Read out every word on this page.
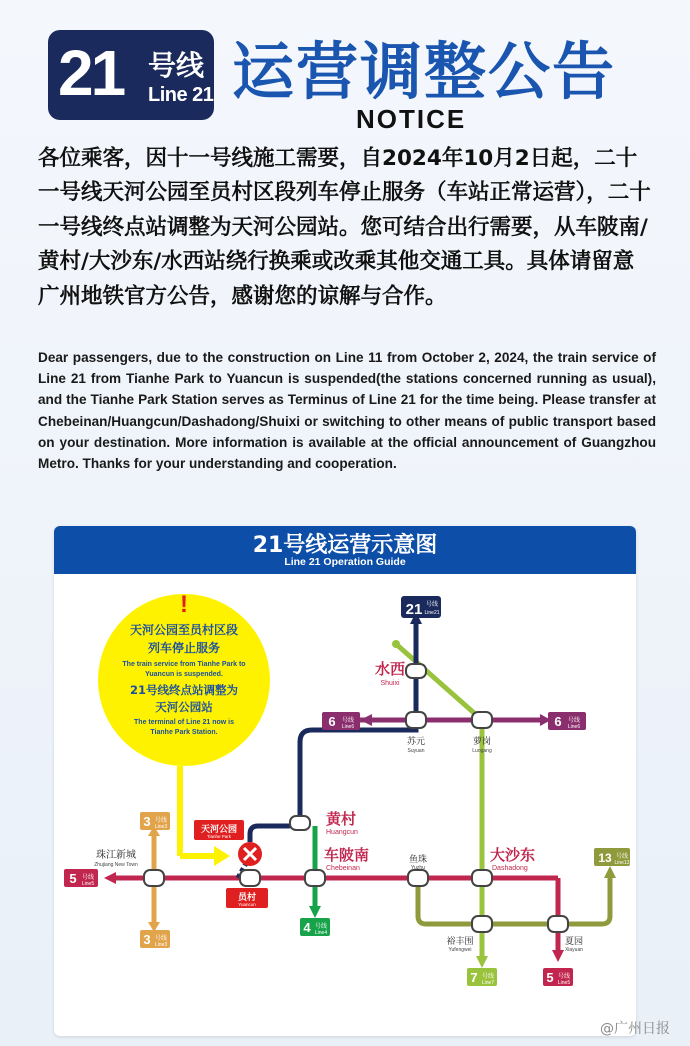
21 号线
Line 21 运营调整公告
NOTICE
各位乘客，因十一号线施工需要，自2024年10月2日起，二十一号线天河公园至员村区段列车停止服务（车站正常运营），二十一号线终点站调整为天河公园站。您可结合出行需要，从车陂南/黄村/大沙东/水西站绕行换乘或改乘其他交通工具。具体请留意广州地铁官方公告，感谢您的谅解与合作。
Dear passengers, due to the construction on Line 11 from October 2, 2024, the train service of Line 21 from Tianhe Park to Yuancun is suspended(the stations concerned running as usual), and the Tianhe Park Station serves as Terminus of Line 21 for the time being. Please transfer at Chebeinan/Huangcun/Dashadong/Shuixi or switching to other means of public transport based on your destination. More information is available at the official announcement of Guangzhou Metro. Thanks for your understanding and cooperation.
21号线运营示意图
Line 21 Operation Guide
!
天河公园至员村区段
列车停止服务
The train service from Tianhe Park to
Yuancun is suspended.
21号线终点站调整为
天河公园站
The terminal of Line 21 now is
Tianhe Park Station.
21 号线
Line21
6 号线
Line6	6 号线
Line6
3 号线
Line3
3 号线
Line3
5 号线
Line5
4 号线
Line4
7 号线
Line7	5 号线
Line5
13 号线
Line13
水西
Shuixi
苏元
Suyuan
萝岗
Luogang
黄村
Huangcun
车陂南
Chebeinan
天河公园
Tianhe Park
员村
Yuancun
珠江新城
Zhujiang New Town	鱼珠
Yuzhu
大沙东
Dashadong
裕丰围
Yufengwei
夏园
Xiayuan
@广州日报
